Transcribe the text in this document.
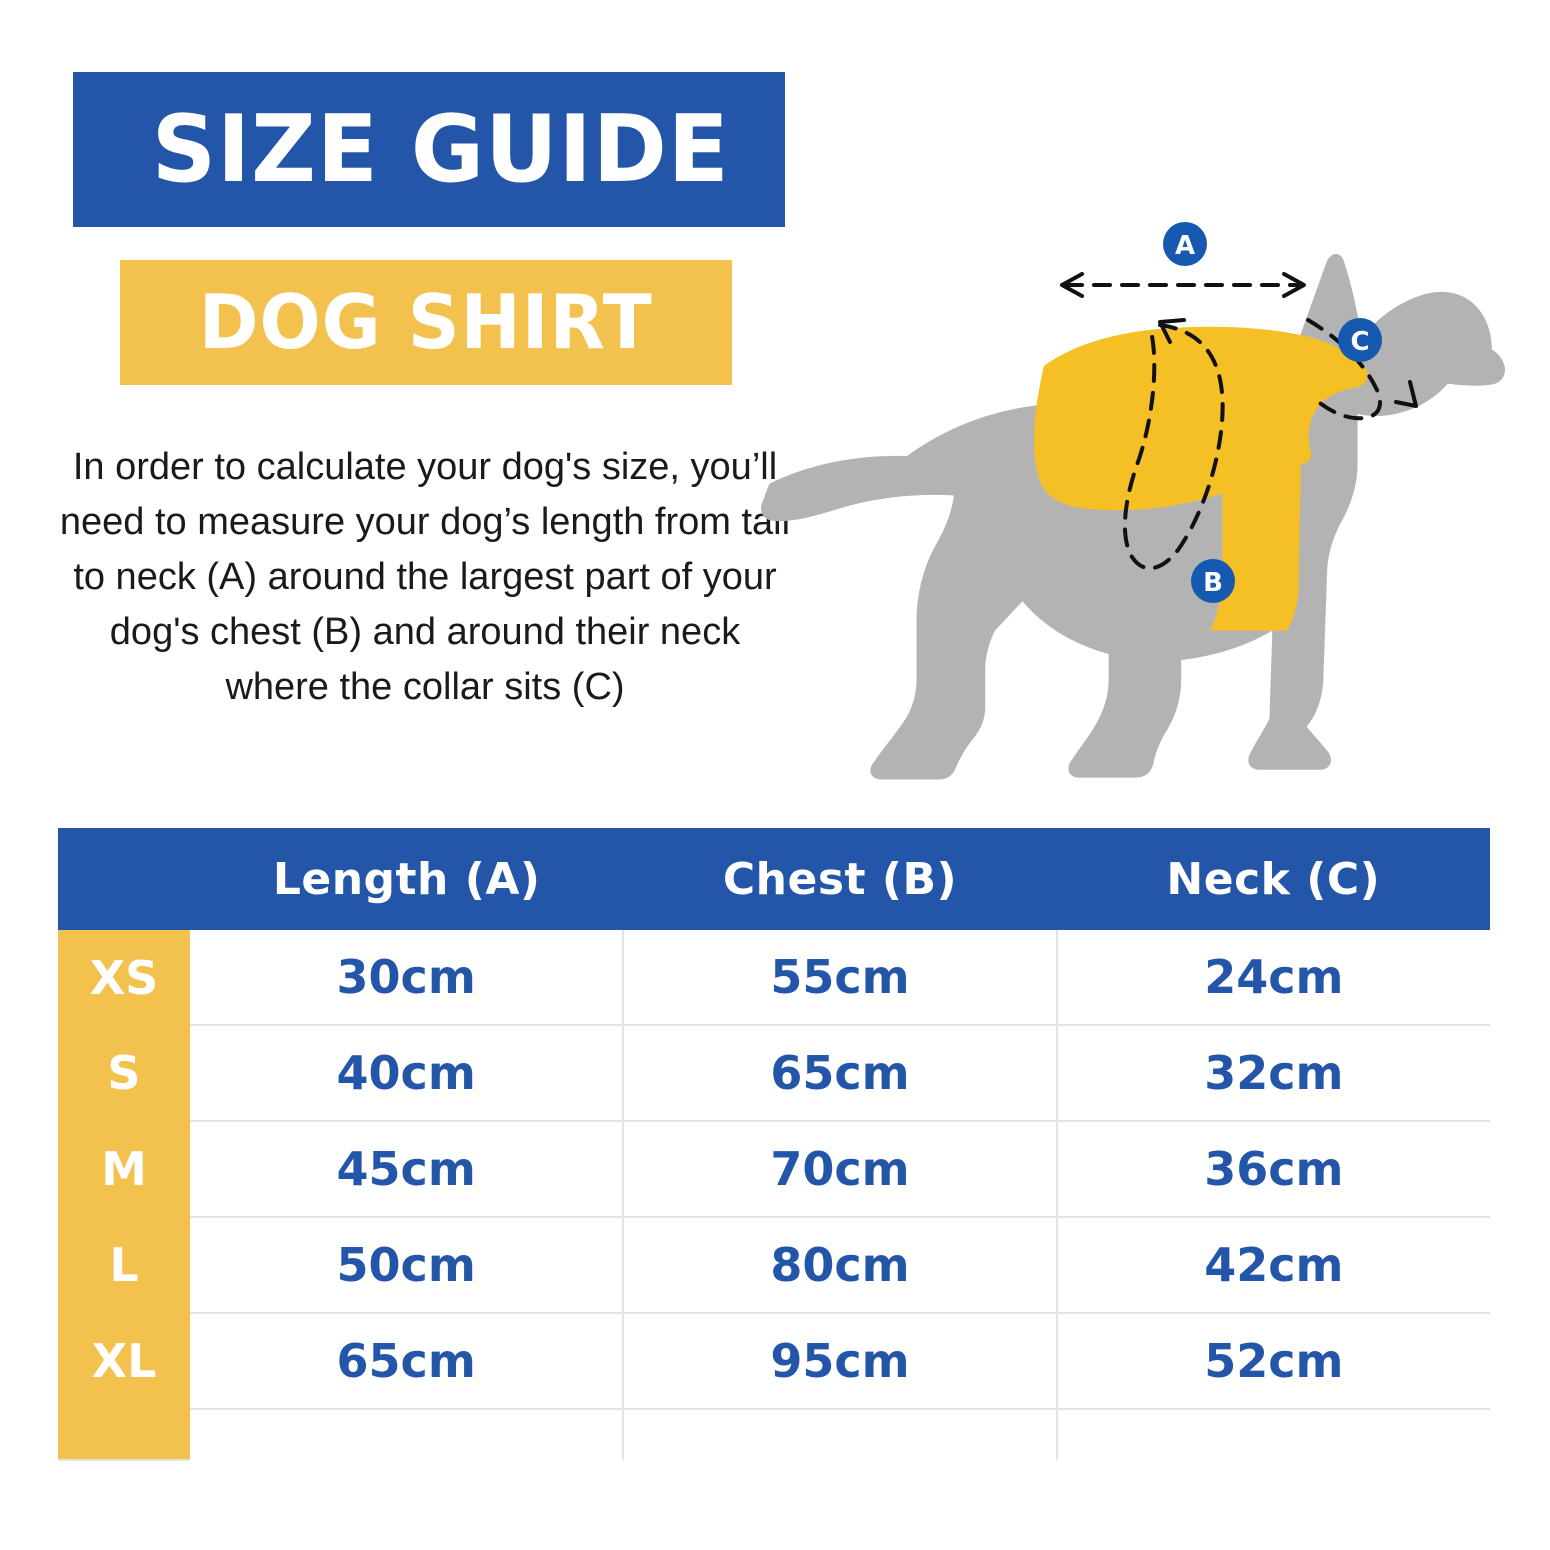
SIZE GUIDE
DOG SHIRT
In order to calculate your dog's size, you’ll need to measure your dog’s length from tail to neck (A) around the largest part of your dog's chest (B) and around their neck where the collar sits (C)
A
B
C
	Length (A)	Chest (B)	Neck (C)
XS	30cm	55cm	24cm
S	40cm	65cm	32cm
M	45cm	70cm	36cm
L	50cm	80cm	42cm
XL	65cm	95cm	52cm
